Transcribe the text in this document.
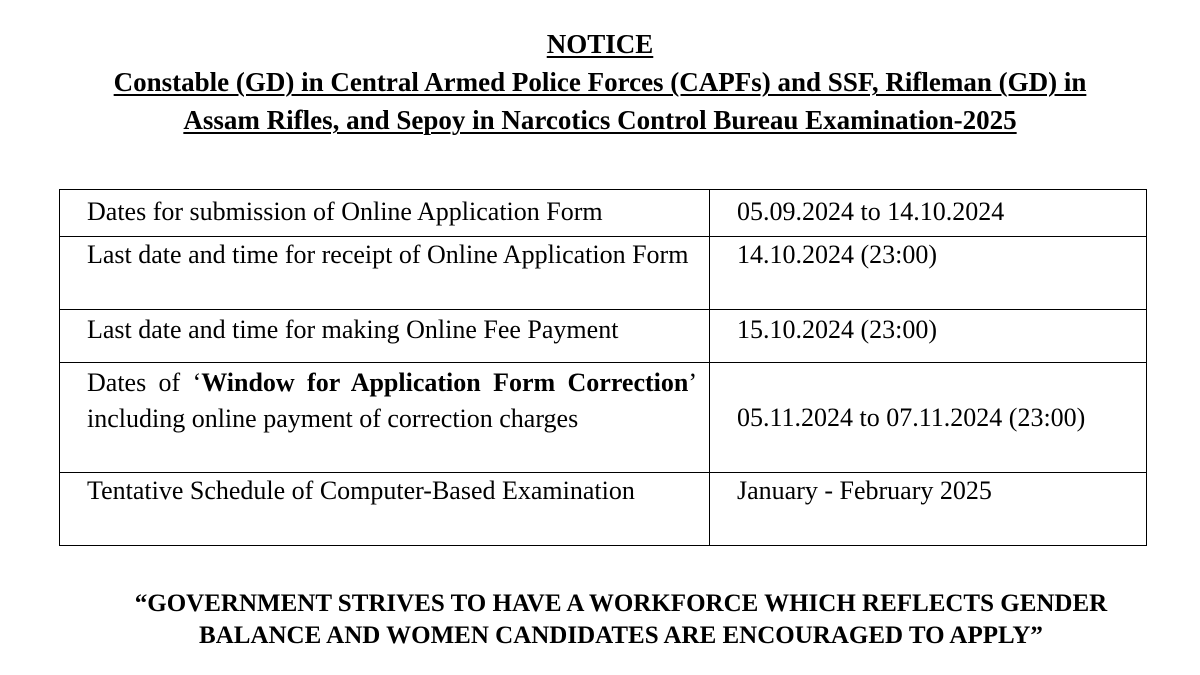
NOTICE
Constable (GD) in Central Armed Police Forces (CAPFs) and SSF, Rifleman (GD) in
Assam Rifles, and Sepoy in Narcotics Control Bureau Examination-2025
Dates for submission of Online Application Form	05.09.2024 to 14.10.2024
Last date and time for receipt of Online Application Form	14.10.2024 (23:00)
Last date and time for making Online Fee Payment	15.10.2024 (23:00)
Dates of ‘Window for Application Form Correction’ including online payment of correction charges	05.11.2024 to 07.11.2024 (23:00)
Tentative Schedule of Computer-Based Examination	January - February 2025
“GOVERNMENT STRIVES TO HAVE A WORKFORCE WHICH REFLECTS GENDER
BALANCE AND WOMEN CANDIDATES ARE ENCOURAGED TO APPLY”
